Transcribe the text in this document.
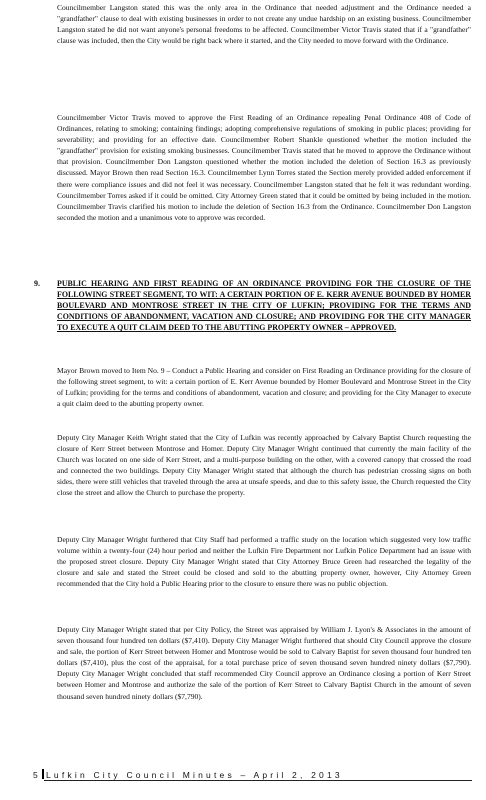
Councilmember Langston stated this was the only area in the Ordinance that needed adjustment and the Ordinance needed a "grandfather" clause to deal with existing businesses in order to not create any undue hardship on an existing business. Councilmember Langston stated he did not want anyone's personal freedoms to be affected. Councilmember Victor Travis stated that if a "grandfather" clause was included, then the City would be right back where it started, and the City needed to move forward with the Ordinance.

Councilmember Victor Travis moved to approve the First Reading of an Ordinance repealing Penal Ordinance 408 of Code of Ordinances, relating to smoking; containing findings; adopting comprehensive regulations of smoking in public places; providing for severability; and providing for an effective date. Councilmember Robert Shankle questioned whether the motion included the "grandfather" provision for existing smoking businesses. Councilmember Travis stated that he moved to approve the Ordinance without that provision. Councilmember Don Langston questioned whether the motion included the deletion of Section 16.3 as previously discussed. Mayor Brown then read Section 16.3. Councilmember Lynn Torres stated the Section merely provided added enforcement if there were compliance issues and did not feel it was necessary. Councilmember Langston stated that he felt it was redundant wording. Councilmember Torres asked if it could be omitted. City Attorney Green stated that it could be omitted by being included in the motion. Councilmember Travis clarified his motion to include the deletion of Section 16.3 from the Ordinance. Councilmember Don Langston seconded the motion and a unanimous vote to approve was recorded.

9. PUBLIC HEARING AND FIRST READING OF AN ORDINANCE PROVIDING FOR THE CLOSURE OF THE FOLLOWING STREET SEGMENT, TO WIT: A CERTAIN PORTION OF E. KERR AVENUE BOUNDED BY HOMER BOULEVARD AND MONTROSE STREET IN THE CITY OF LUFKIN; PROVIDING FOR THE TERMS AND CONDITIONS OF ABANDONMENT, VACATION AND CLOSURE; AND PROVIDING FOR THE CITY MANAGER TO EXECUTE A QUIT CLAIM DEED TO THE ABUTTING PROPERTY OWNER – APPROVED.

Mayor Brown moved to Item No. 9 – Conduct a Public Hearing and consider on First Reading an Ordinance providing for the closure of the following street segment, to wit: a certain portion of E. Kerr Avenue bounded by Homer Boulevard and Montrose Street in the City of Lufkin; providing for the terms and conditions of abandonment, vacation and closure; and providing for the City Manager to execute a quit claim deed to the abutting property owner.

Deputy City Manager Keith Wright stated that the City of Lufkin was recently approached by Calvary Baptist Church requesting the closure of Kerr Street between Montrose and Homer. Deputy City Manager Wright continued that currently the main facility of the Church was located on one side of Kerr Street, and a multi-purpose building on the other, with a covered canopy that crossed the road and connected the two buildings. Deputy City Manager Wright stated that although the church has pedestrian crossing signs on both sides, there were still vehicles that traveled through the area at unsafe speeds, and due to this safety issue, the Church requested the City close the street and allow the Church to purchase the property.

Deputy City Manager Wright furthered that City Staff had performed a traffic study on the location which suggested very low traffic volume within a twenty-four (24) hour period and neither the Lufkin Fire Department nor Lufkin Police Department had an issue with the proposed street closure. Deputy City Manager Wright stated that City Attorney Bruce Green had researched the legality of the closure and sale and stated the Street could be closed and sold to the abutting property owner, however, City Attorney Green recommended that the City hold a Public Hearing prior to the closure to ensure there was no public objection.

Deputy City Manager Wright stated that per City Policy, the Street was appraised by William J. Lyon's & Associates in the amount of seven thousand four hundred ten dollars ($7,410). Deputy City Manager Wright furthered that should City Council approve the closure and sale, the portion of Kerr Street between Homer and Montrose would be sold to Calvary Baptist for seven thousand four hundred ten dollars ($7,410), plus the cost of the appraisal, for a total purchase price of seven thousand seven hundred ninety dollars ($7,790). Deputy City Manager Wright concluded that staff recommended City Council approve an Ordinance closing a portion of Kerr Street between Homer and Montrose and authorize the sale of the portion of Kerr Street to Calvary Baptist Church in the amount of seven thousand seven hundred ninety dollars ($7,790).

5 Lufkin City Council Minutes – April 2, 2013
